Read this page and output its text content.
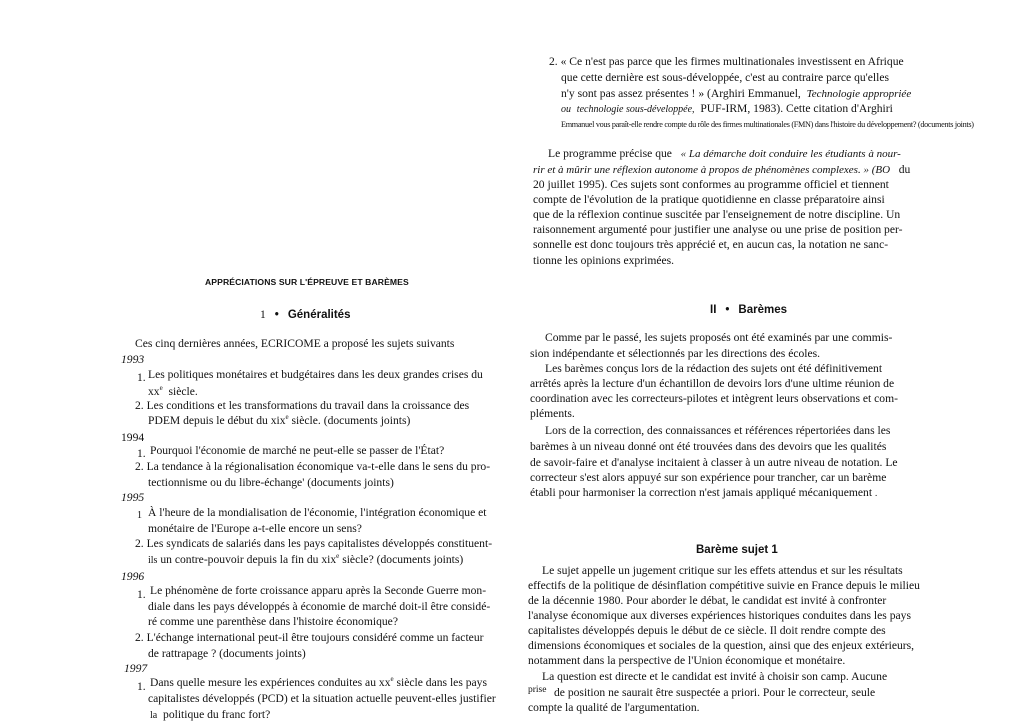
APPRÉCIATIONS SUR L'ÉPREUVE ET BARÈMES
1 • Généralités

Ces cinq dernières années, ECRICOME a proposé les sujets suivants

1993
1. Les politiques monétaires et budgétaires dans les deux grandes crises du

$xx^e$ siècle.

2. Les conditions et les transformations du travail dans la croissance des

PDEM depuis le début du xix$^e$ siècle. (documents joints)

1994
1. Pourquoi l'économie de marché ne peut-elle se passer de l'État?

2. La tendance à la régionalisation économique va-t-elle dans le sens du pro-

tectionnisme ou du libre-échange' (documents joints)

1995
1 À l'heure de la mondialisation de l'économie, l'intégration économique et

monétaire de l'Europe a-t-elle encore un sens?

2. Les syndicats de salariés dans les pays capitalistes développés constituent-

ils un contre-pouvoir depuis la fin du xix$^e$ siècle? (documents joints)

1996
1. Le phénomène de forte croissance apparu après la Seconde Guerre mon-

diale dans les pays développés à économie de marché doit-il être considé-

ré comme une parenthèse dans l'histoire économique?

2. L'échange international peut-il être toujours considéré comme un facteur

de rattrapage ? (documents joints)

1997
1. Dans quelle mesure les expériences conduites au $xx^e$ siècle dans les pays

capitalistes développés (PCD) et la situation actuelle peuvent-elles justifier

la politique du franc fort?

2. « Ce n'est pas parce que les firmes multinationales investissent en Afrique

que cette dernière est sous-développée, c'est au contraire parce qu'elles

n'y sont pas assez présentes ! » (Arghiri Emmanuel, Technologie appropriée

ou technologie sous-développée, PUF-IRM, 1983). Cette citation d'Arghiri

Emmanuel vous paraît-elle rendre compte du rôle des firmes multinationales (FMN) dans l'histoire du développement? (documents joints)

Le programme précise que « La démarche doit conduire les étudiants à nour-

rir et à mûrir une réflexion autonome à propos de phénomènes complexes. » (BO du

20 juillet 1995). Ces sujets sont conformes au programme officiel et tiennent

compte de l'évolution de la pratique quotidienne en classe préparatoire ainsi

que de la réflexion continue suscitée par l'enseignement de notre discipline. Un

raisonnement argumenté pour justifier une analyse ou une prise de position per-

sonnelle est donc toujours très apprécié et, en aucun cas, la notation ne sanc-

tionne les opinions exprimées.

II • Barèmes

Comme par le passé, les sujets proposés ont été examinés par une commis-

sion indépendante et sélectionnés par les directions des écoles.

Les barèmes conçus lors de la rédaction des sujets ont été définitivement

arrêtés après la lecture d'un échantillon de devoirs lors d'une ultime réunion de

coordination avec les correcteurs-pilotes et intègrent leurs observations et com-

pléments.

Lors de la correction, des connaissances et références répertoriées dans les

barèmes à un niveau donné ont été trouvées dans des devoirs que les qualités

de savoir-faire et d'analyse incitaient à classer à un autre niveau de notation. Le

correcteur s'est alors appuyé sur son expérience pour trancher, car un barème

établi pour harmoniser la correction n'est jamais appliqué mécaniquement .

Barème sujet 1

Le sujet appelle un jugement critique sur les effets attendus et sur les résultats

effectifs de la politique de désinflation compétitive suivie en France depuis le milieu

de la décennie 1980. Pour aborder le débat, le candidat est invité à confronter

l'analyse économique aux diverses expériences historiques conduites dans les pays

capitalistes développés depuis le début de ce siècle. Il doit rendre compte des

dimensions économiques et sociales de la question, ainsi que des enjeux extérieurs,

notamment dans la perspective de l'Union économique et monétaire.

La question est directe et le candidat est invité à choisir son camp. Aucune

prise de position ne saurait être suspectée a priori. Pour le correcteur, seule

compte la qualité de l'argumentation.
